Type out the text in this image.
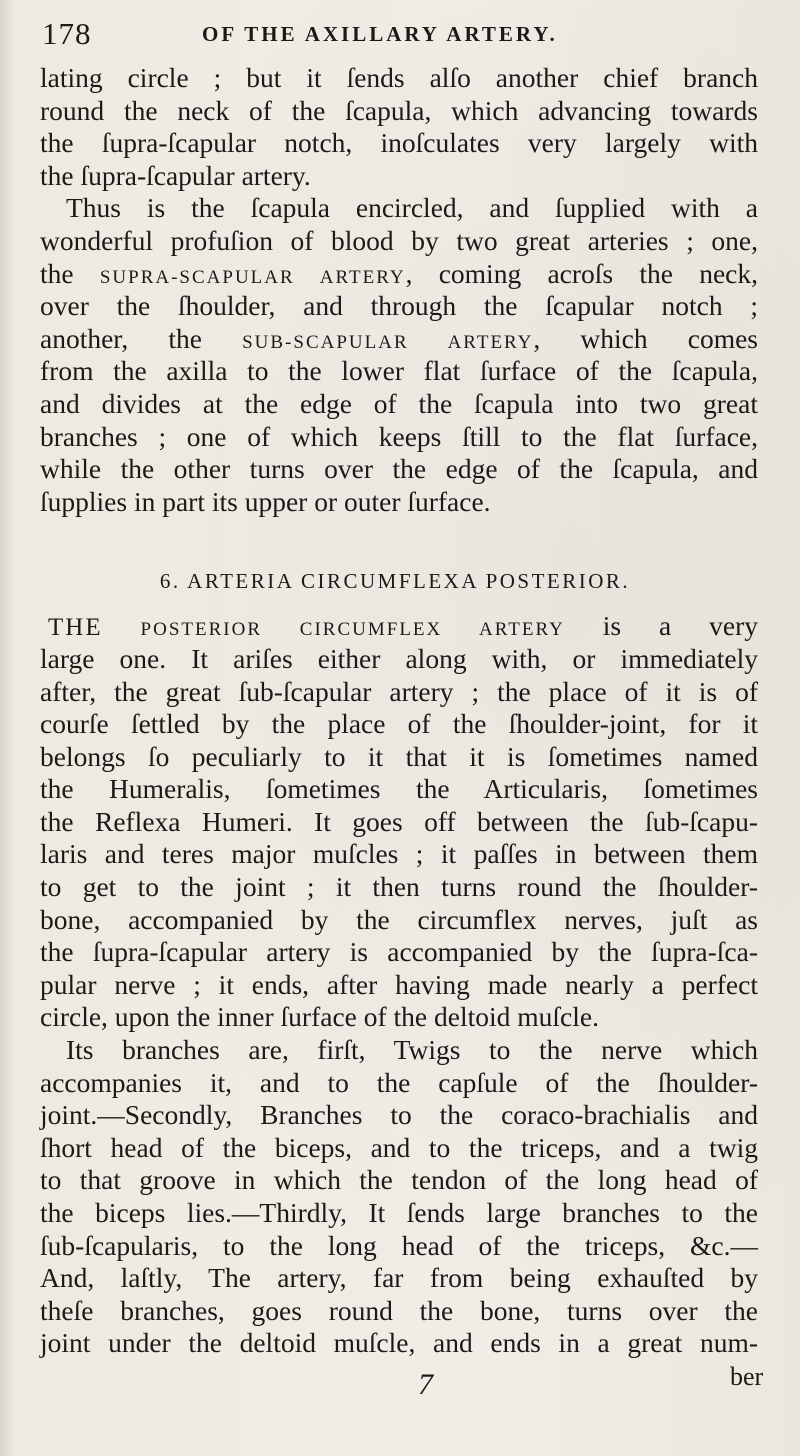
178	OF THE AXILLARY ARTERY.
lating circle ; but it ſends alſo another chief branch
round the neck of the ſcapula, which advancing towards
the ſupra-ſcapular notch, inoſculates very largely with
the ſupra-ſcapular artery.
Thus is the ſcapula encircled, and ſupplied with a
wonderful profuſion of blood by two great arteries ; one,
the SUPRA-SCAPULAR ARTERY, coming acroſs the neck,
over the ſhoulder, and through the ſcapular notch ;
another, the SUB-SCAPULAR ARTERY, which comes
from the axilla to the lower flat ſurface of the ſcapula,
and divides at the edge of the ſcapula into two great
branches ; one of which keeps ſtill to the flat ſurface,
while the other turns over the edge of the ſcapula, and
ſupplies in part its upper or outer ſurface.
6. ARTERIA CIRCUMFLEXA POSTERIOR.
THE POSTERIOR CIRCUMFLEX ARTERY is a very
large one. It ariſes either along with, or immediately
after, the great ſub-ſcapular artery ; the place of it is of
courſe ſettled by the place of the ſhoulder-joint, for it
belongs ſo peculiarly to it that it is ſometimes named
the Humeralis, ſometimes the Articularis, ſometimes
the Reflexa Humeri. It goes off between the ſub-ſcapu-
laris and teres major muſcles ; it paſſes in between them
to get to the joint ; it then turns round the ſhoulder-
bone, accompanied by the circumflex nerves, juſt as
the ſupra-ſcapular artery is accompanied by the ſupra-ſca-
pular nerve ; it ends, after having made nearly a perfect
circle, upon the inner ſurface of the deltoid muſcle.
Its branches are, firſt, Twigs to the nerve which
accompanies it, and to the capſule of the ſhoulder-
joint.—Secondly, Branches to the coraco-brachialis and
ſhort head of the biceps, and to the triceps, and a twig
to that groove in which the tendon of the long head of
the biceps lies.—Thirdly, It ſends large branches to the
ſub-ſcapularis, to the long head of the triceps, &c.—
And, laſtly, The artery, far from being exhauſted by
theſe branches, goes round the bone, turns over the
joint under the deltoid muſcle, and ends in a great num-
7	ber
